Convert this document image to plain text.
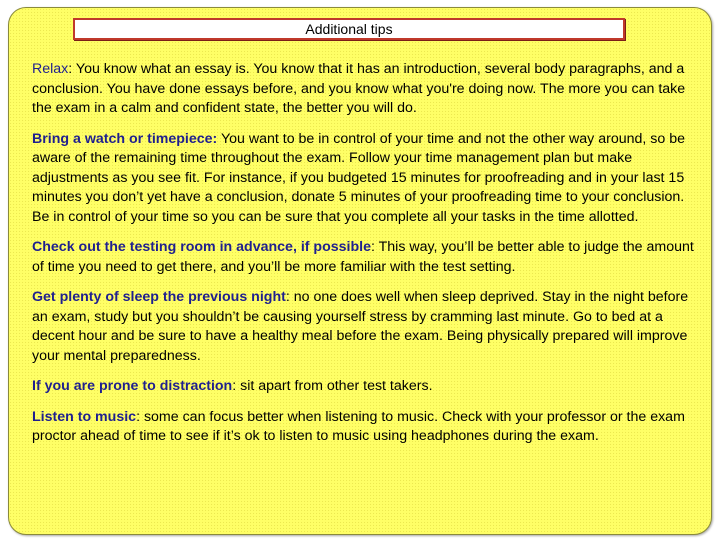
Additional tips

Relax: You know what an essay is. You know that it has an introduction, several body paragraphs, and a conclusion. You have done essays before, and you know what you're doing now. The more you can take the exam in a calm and confident state, the better you will do.

Bring a watch or timepiece: You want to be in control of your time and not the other way around, so be aware of the remaining time throughout the exam. Follow your time management plan but make adjustments as you see fit. For instance, if you budgeted 15 minutes for proofreading and in your last 15 minutes you don’t yet have a conclusion, donate 5 minutes of your proofreading time to your conclusion. Be in control of your time so you can be sure that you complete all your tasks in the time allotted.

Check out the testing room in advance, if possible: This way, you’ll be better able to judge the amount of time you need to get there, and you’ll be more familiar with the test setting.

Get plenty of sleep the previous night: no one does well when sleep deprived. Stay in the night before an exam, study but you shouldn’t be causing yourself stress by cramming last minute. Go to bed at a decent hour and be sure to have a healthy meal before the exam. Being physically prepared will improve your mental preparedness.

If you are prone to distraction: sit apart from other test takers.

Listen to music: some can focus better when listening to music. Check with your professor or the exam proctor ahead of time to see if it’s ok to listen to music using headphones during the exam.
